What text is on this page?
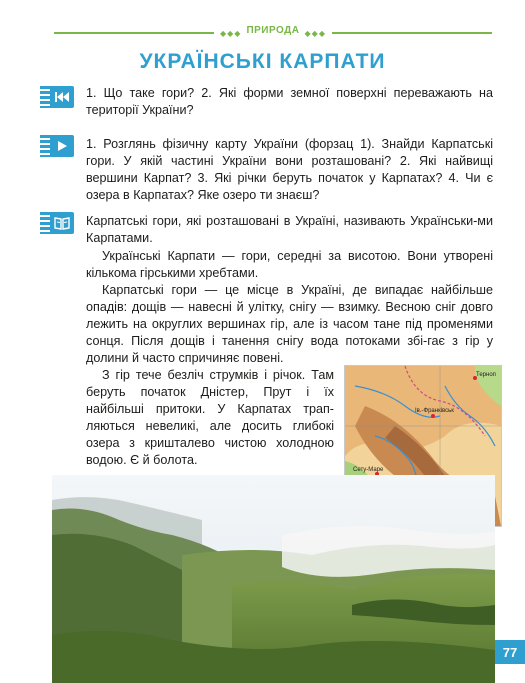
◆◆◆ ПРИРОДА ◆◆◆
УКРАЇНСЬКІ КАРПАТИ

1. Що таке гори? 2. Які форми земної поверхні переважають на території України?

1. Розглянь фізичну карту України (форзац 1). Знайди Карпатські гори. У якій частині України вони розташовані? 2. Які найвищі вершини Карпат? 3. Які річки беруть початок у Карпатах? 4. Чи є озера в Карпатах? Яке озеро ти знаєш?

Карпатські гори, які розташовані в Україні, називають Українськи-ми Карпатами.

Українські Карпати — гори, середні за висотою. Вони утворені кількома гірськими хребтами.

Карпатські гори — це місце в Україні, де випадає найбільше опадів: дощів — навесні й улітку, снігу — взимку. Весною сніг довго лежить на округлих вершинах гір, але із часом тане під променями сонця. Після дощів і танення снігу вода потоками збі-гає з гір у долини й часто спричиняє повені.

З гір тече безліч струмків і річок. Там беруть початок Дністер, Прут і їх найбільші притоки. У Карпатах трап-ляються невеликі, але досить глибокі озера з кришталево чистою холодною водою. Є й болота.

Терноп
Ів.-Франківськ
Сету-Марe
77
